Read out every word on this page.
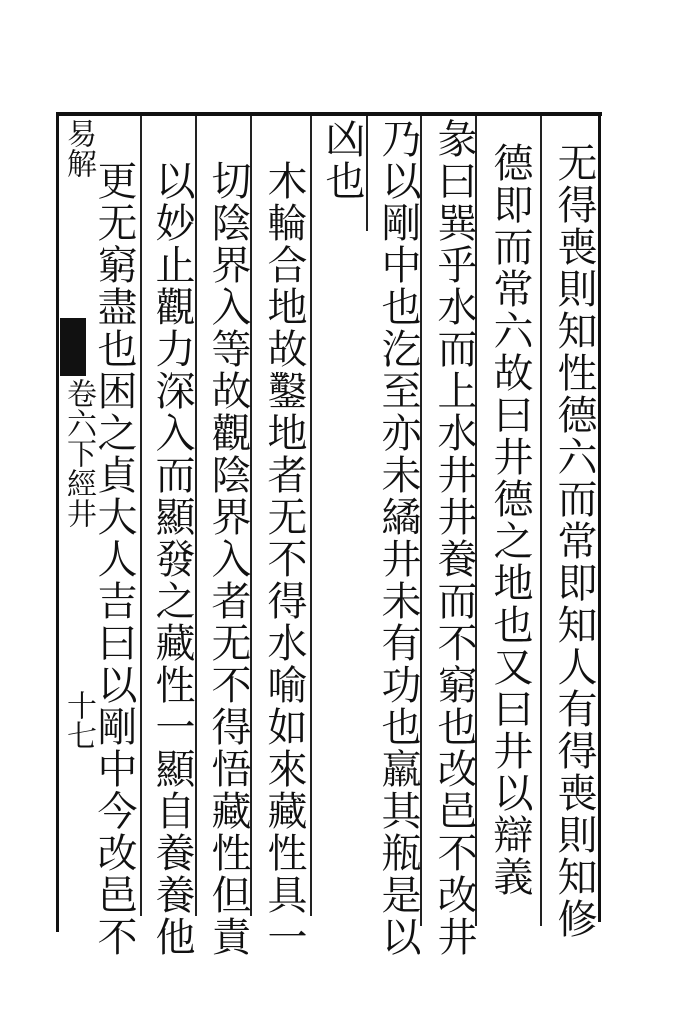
易解
卷六下經井
十七	无得喪則知性德六而常即知人有得喪則知修
德即而常六故曰井德之地也又曰井以辯義
彖曰巽乎水而上水井井養而不窮也改邑不改井
乃以剛中也汔至亦未繘井未有功也羸其瓶是以
凶也
木輪合地故鑿地者无不得水喻如來藏性具一
切陰界入等故觀陰界入者无不得悟藏性但責
以妙止觀力深入而顯發之藏性一顯自養養他
更无窮盡也困之貞大人吉曰以剛中今改邑不
